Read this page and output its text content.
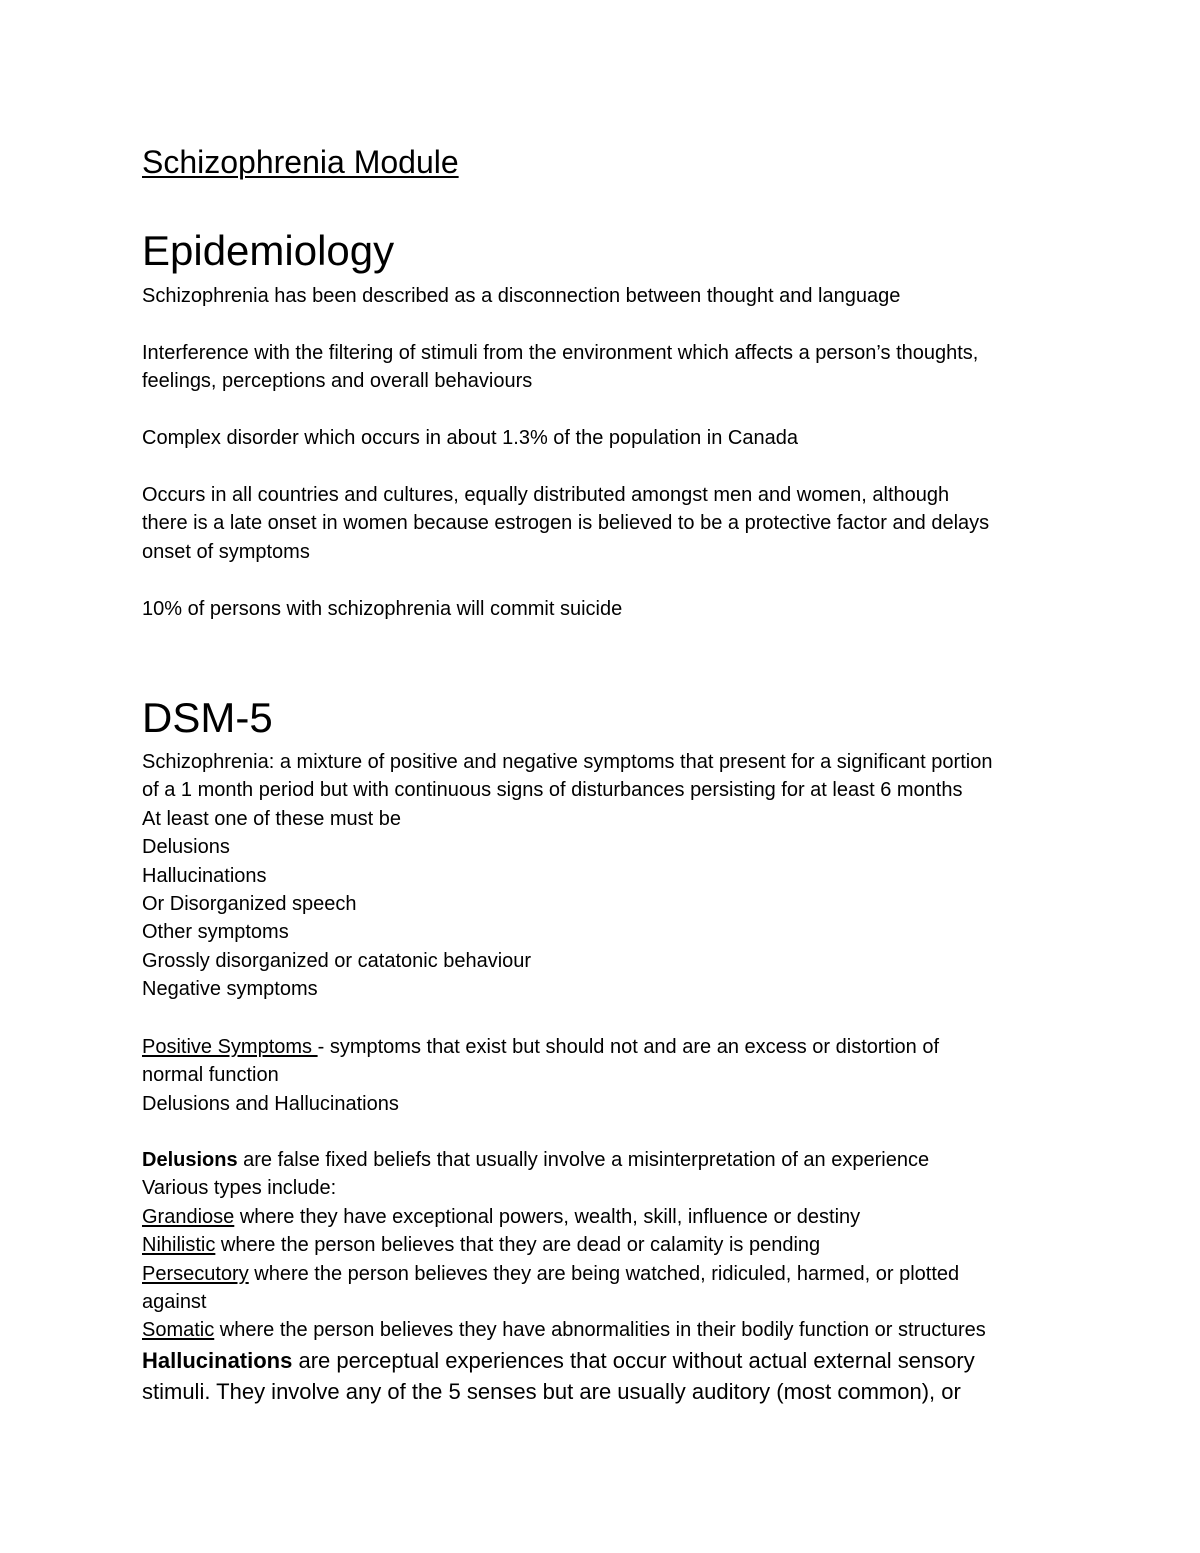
Schizophrenia Module
Epidemiology
Schizophrenia has been described as a disconnection between thought and language
Interference with the filtering of stimuli from the environment which affects a person’s thoughts,
feelings, perceptions and overall behaviours
Complex disorder which occurs in about 1.3% of the population in Canada
Occurs in all countries and cultures, equally distributed amongst men and women, although
there is a late onset in women because estrogen is believed to be a protective factor and delays
onset of symptoms
10% of persons with schizophrenia will commit suicide
DSM-5
Schizophrenia: a mixture of positive and negative symptoms that present for a significant portion
of a 1 month period but with continuous signs of disturbances persisting for at least 6 months
At least one of these must be
Delusions
Hallucinations
Or Disorganized speech
Other symptoms
Grossly disorganized or catatonic behaviour
Negative symptoms
Positive Symptoms - symptoms that exist but should not and are an excess or distortion of
normal function
Delusions and Hallucinations
Delusions are false fixed beliefs that usually involve a misinterpretation of an experience
Various types include:
Grandiose where they have exceptional powers, wealth, skill, influence or destiny
Nihilistic where the person believes that they are dead or calamity is pending
Persecutory where the person believes they are being watched, ridiculed, harmed, or plotted
against
Somatic where the person believes they have abnormalities in their bodily function or structures
Hallucinations are perceptual experiences that occur without actual external sensory
stimuli. They involve any of the 5 senses but are usually auditory (most common), or
